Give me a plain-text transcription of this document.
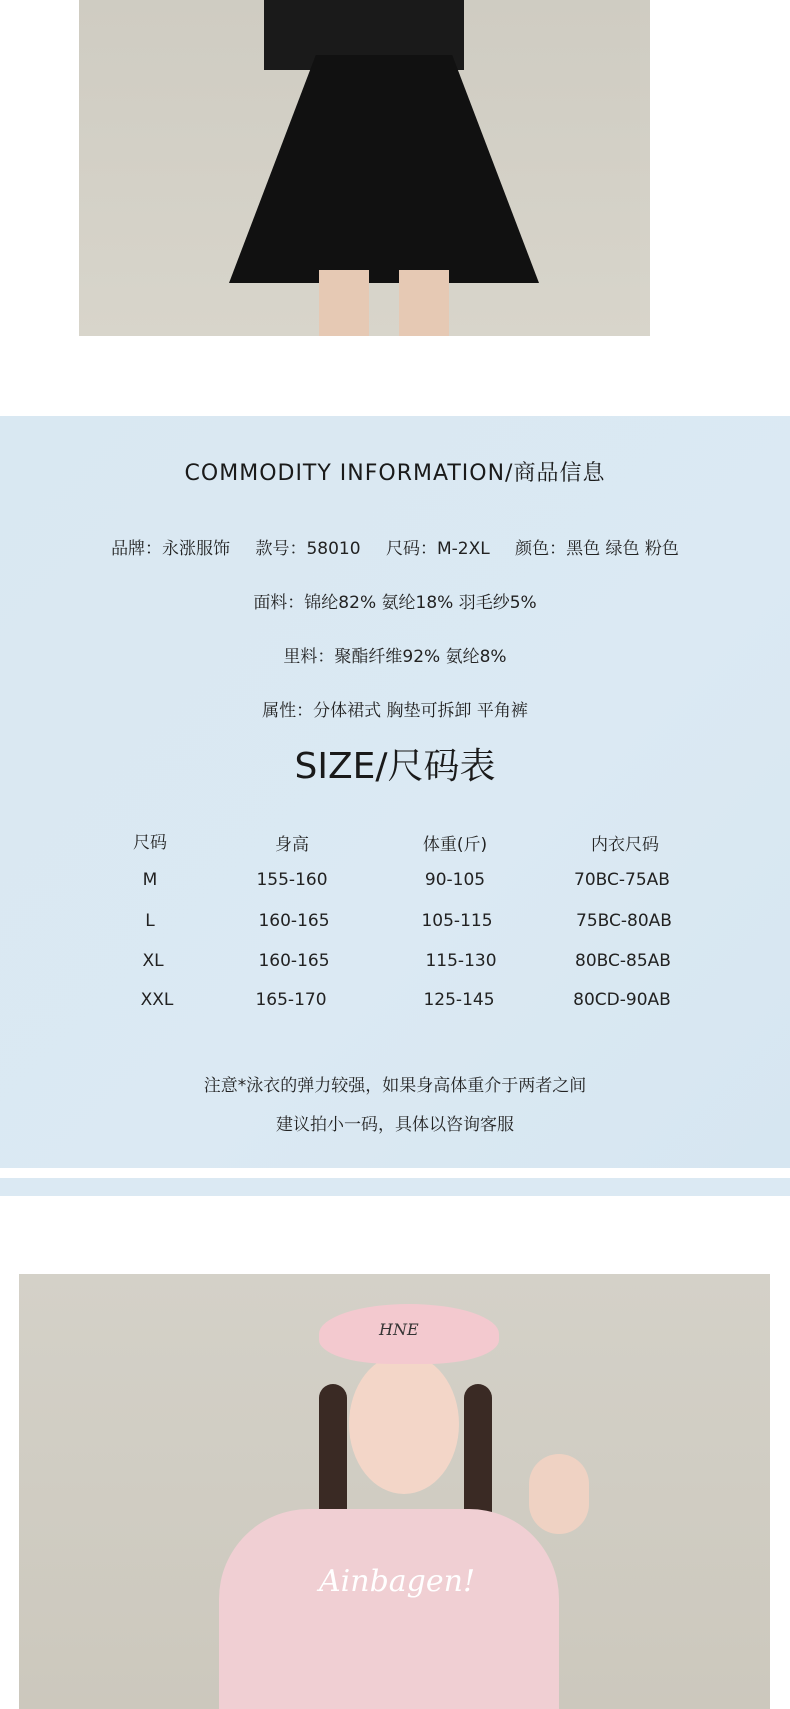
COMMODITY INFORMATION/商品信息
品牌：永涨服饰 款号：58010 尺码：M-2XL 颜色：黑色 绿色 粉色
面料：锦纶82% 氨纶18% 羽毛纱5%
里料：聚酯纤维92% 氨纶8%
属性：分体裙式 胸垫可拆卸 平角裤
SIZE/尺码表
尺码	身高	体重(斤)	内衣尺码
M	155-160	90-105	70BC-75AB
L	160-165	105-115	75BC-80AB
XL	160-165	115-130	80BC-85AB
XXL	165-170	125-145	80CD-90AB
注意*泳衣的弹力较强，如果身高体重介于两者之间
建议拍小一码，具体以咨询客服
HNE
Ainbagen!
